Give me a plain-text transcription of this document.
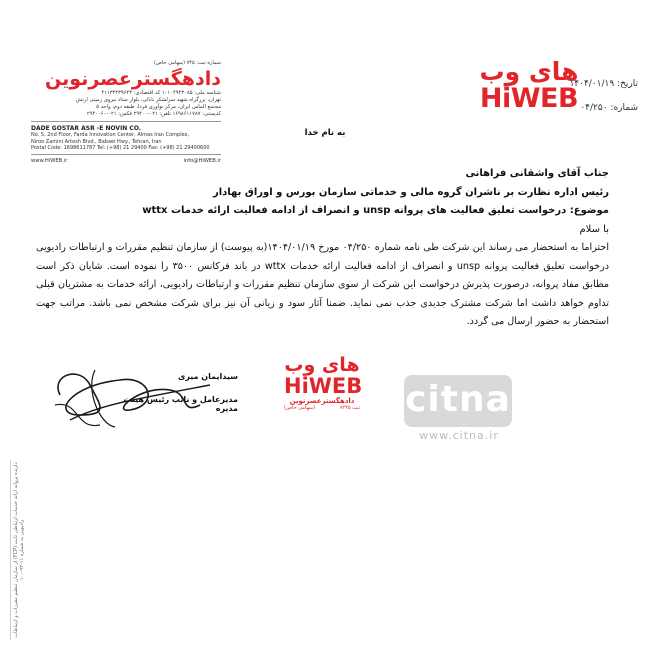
(سهامی خاص) شماره ثبت: ۷۴۵
دادهگسترعصرنوین
شناسه ملی: ۱۰۱۰۴۹۴۳۰۸۵ کد اقتصادی: ۴۱۱۳۴۴۳۹۶۴۳
تهران، بزرگراه شهید سرلشکر بابائی، بلوار ستاد نیروی زمینی ارتش
مجتمع الماس ایران، مرکز نوآوری فردا، طبقه دوم، واحد ۵
کدپستی: ۱۶۹۸۶۱۱۷۸۷ تلفن: ۰۲۱-۲۹۴۰۰ فکس: ۰۲۱-۲۹۴۰۰۶۰
DADE GOSTAR ASR -E NOVIN CO.
No. 5, 2nd Floor, Farda Innovation Center, Almas Iran Complex,
Niroo Zamini Artesh Blvd., Babaei Hwy., Tehran, Iran
Postal Code: 1698611787 Tel: (+98) 21 29400 Fax: (+98) 21 29400600
www.HiWEB.ir	info@HiWEB.ir
تاریخ: ۱۴۰۴/۰۱/۱۹
شماره: ۰۴/۲۵۰
های وب
HiWEB
به نام خدا
جناب آقای واشقانی فراهانی
رئیس اداره نظارت بر ناشران گروه مالی و خدماتی سازمان بورس و اوراق بهادار
موضوع: درخواست تعلیق فعالیت های پروانه unsp و انصراف از ادامه فعالیت ارائه خدمات wttx
با سلام
احتراما به استحضار می رساند این شرکت طی نامه شماره ۰۴/۲۵۰ مورخ ۱۴۰۴/۰۱/۱۹(به پیوست) از سازمان تنظیم مقررات و ارتباطات رادیویی درخواست تعلیق فعالیت پروانه unsp و انصراف از ادامه فعالیت ارائه خدمات wttx در باند فرکانس ۳۵۰۰ را نموده است. شایان ذکر است مطابق مفاد پروانه، درصورت پذیرش درخواست این شرکت از سوی سازمان تنظیم مقررات و ارتباطات رادیویی، ارائه خدمات به مشتریان قبلی تداوم خواهد داشت اما شرکت مشترک جدیدی جذب نمی نماید. ضمنا آثار سود و زیانی آن نیز برای شرکت مشخص نمی باشد. مراتب جهت استحضار به حضور ارسال می گردد.
سیدایمان میری
مدیرعامل و نائب رئیس هیئت مدیره
های وب
HiWEB
دادهگسترعصرنوین
ثبت ۷۲۴۵
(سهامی خاص)	citna
www.citna.ir
دارنده پروانه ارائه خدمات ارتباطی ثابت (FCP) از سازمان تنظیم مقررات و ارتباطات رادیویی به شماره ۱۱-۹۳-۱۰۰
